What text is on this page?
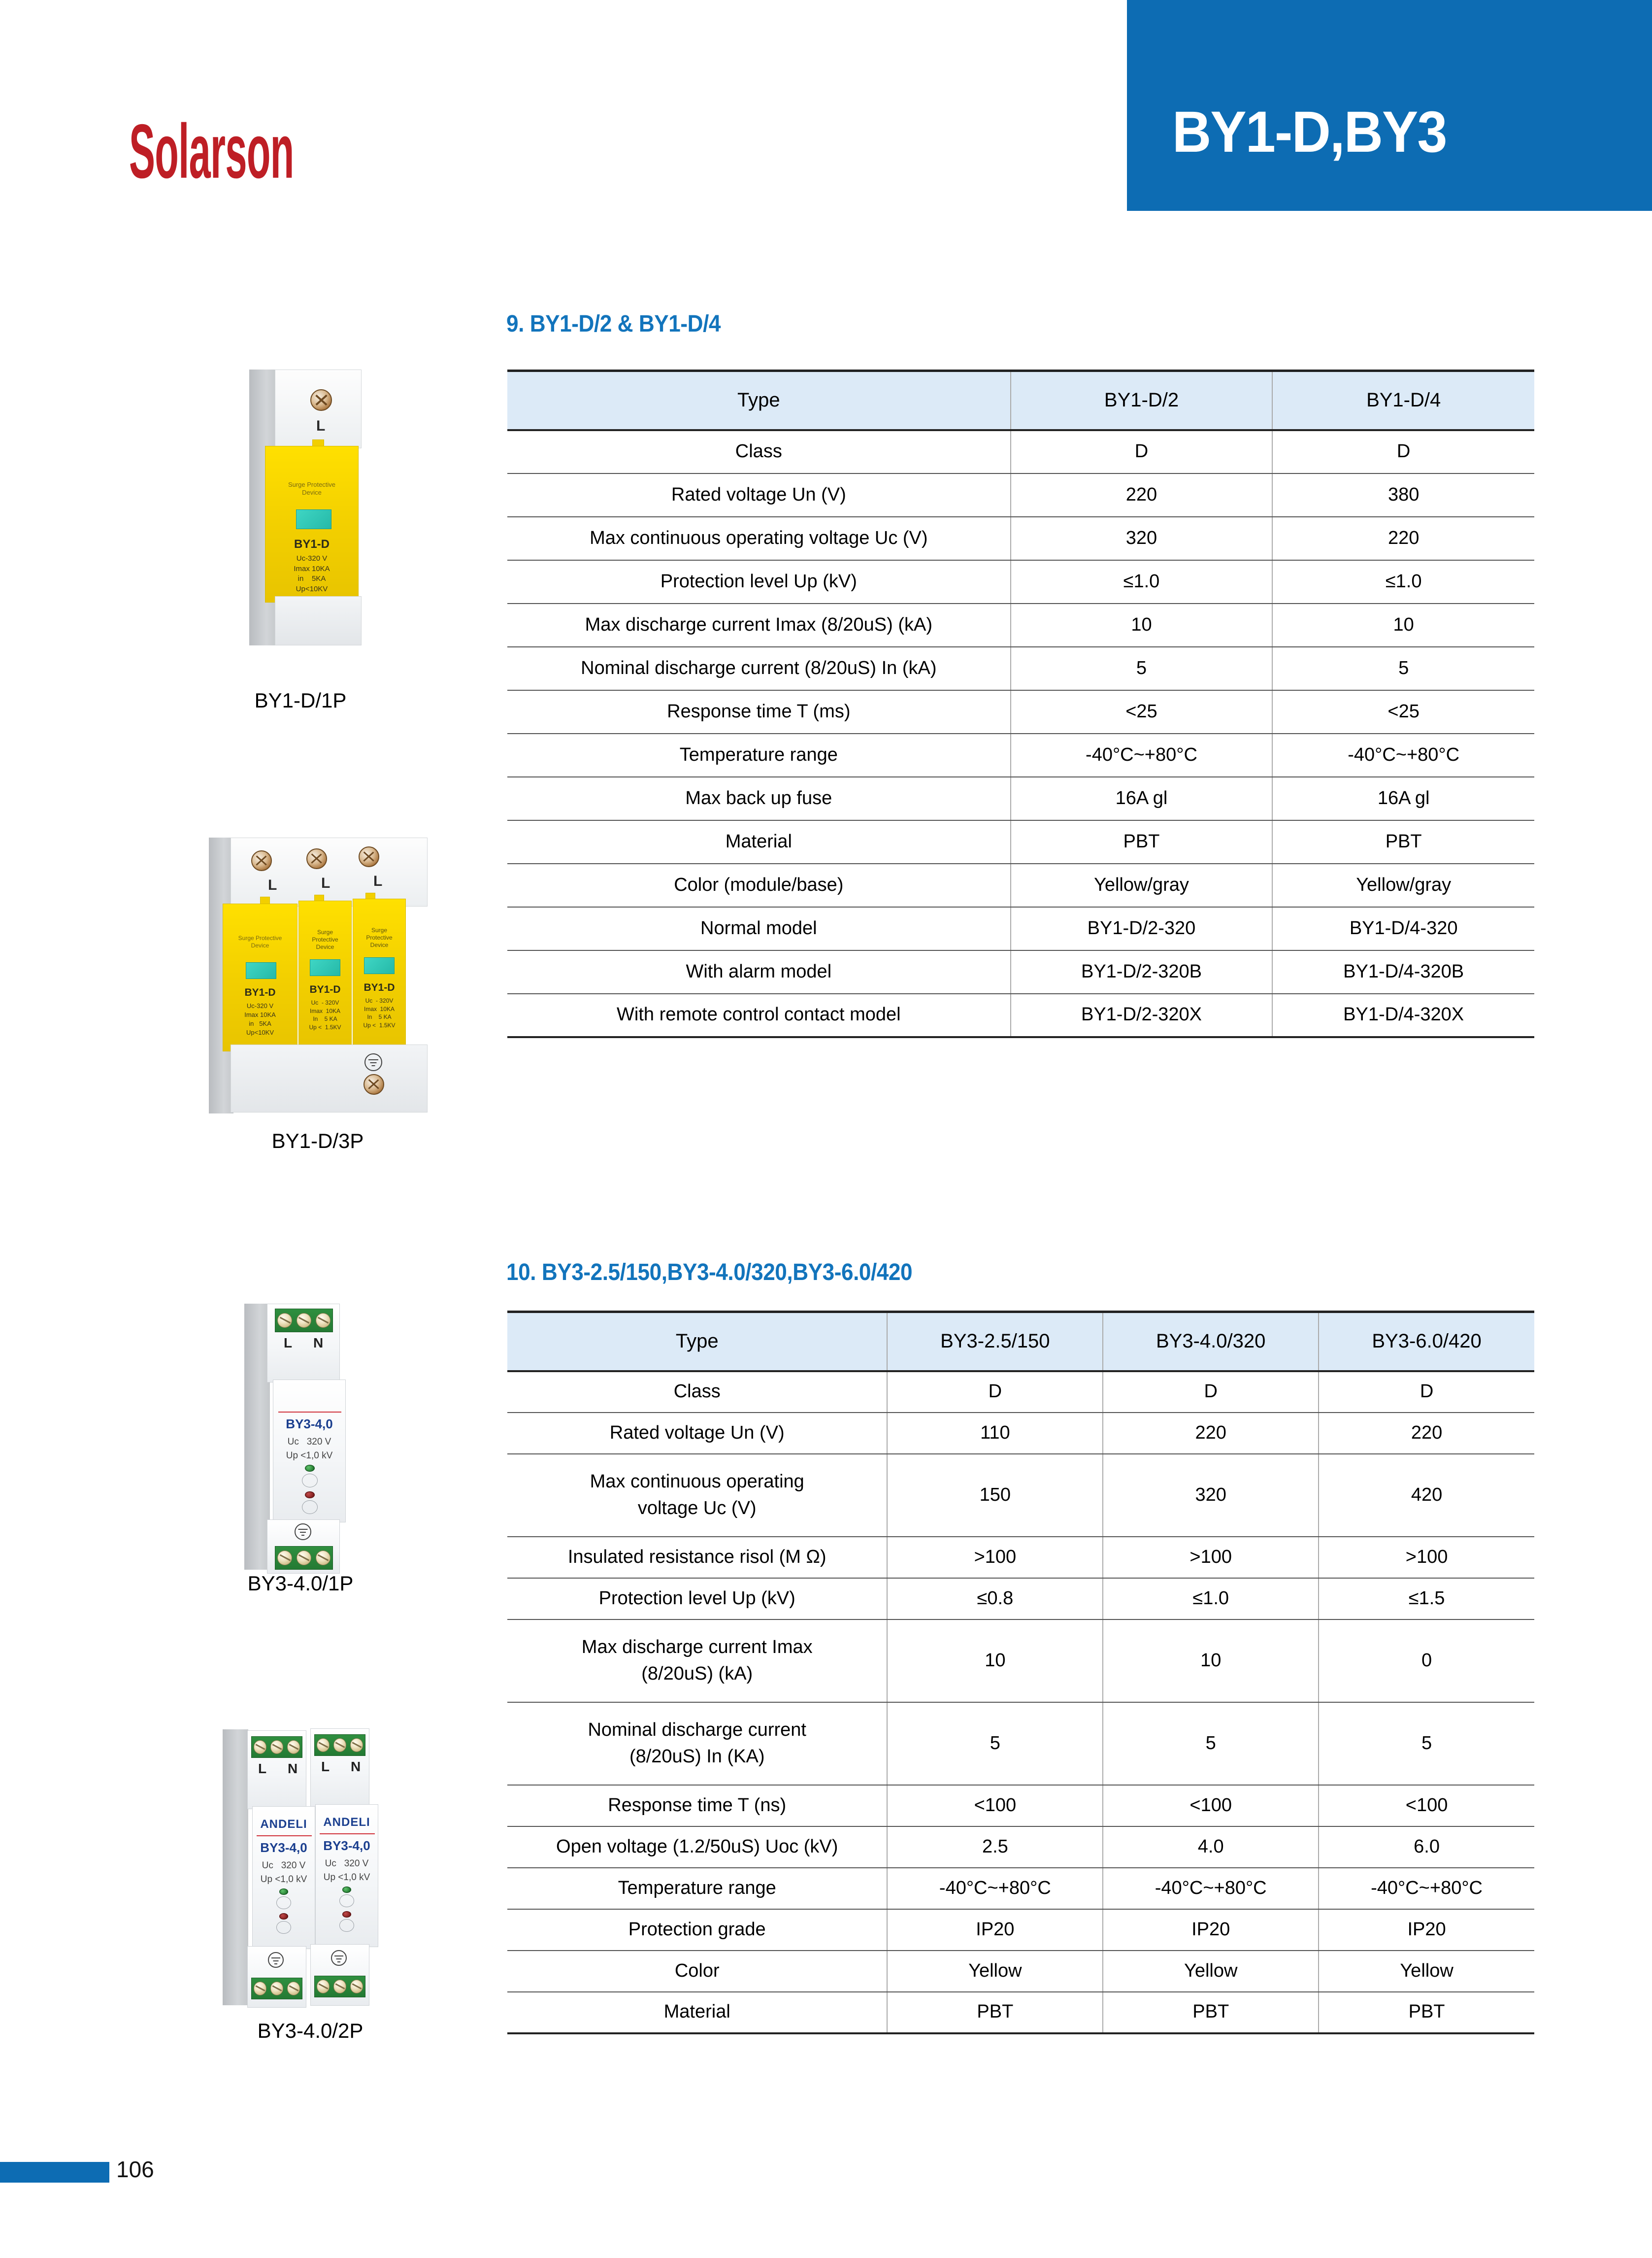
BY1-D,BY3
Solarson
9. BY1-D/2 & BY1-D/4
Type	BY1-D/2	BY1-D/4
Class	D	D
Rated voltage Un (V)	220	380
Max continuous operating voltage Uc (V)	320	220
Protection level Up (kV)	≤1.0	≤1.0
Max discharge current Imax (8/20uS) (kA)	10	10
Nominal discharge current (8/20uS) In (kA)	5	5
Response time T (ms)	<25	<25
Temperature range	-40°C~+80°C	-40°C~+80°C
Max back up fuse	16A gl	16A gl
Material	PBT	PBT
Color (module/base)	Yellow/gray	Yellow/gray
Normal model	BY1-D/2-320	BY1-D/4-320
With alarm model	BY1-D/2-320B	BY1-D/4-320B
With remote control contact model	BY1-D/2-320X	BY1-D/4-320X
10. BY3-2.5/150,BY3-4.0/320,BY3-6.0/420
Type	BY3-2.5/150	BY3-4.0/320	BY3-6.0/420
Class	D	D	D
Rated voltage Un (V)	110	220	220
Max continuous operating
voltage Uc (V)	150	320	420
Insulated resistance risol (M Ω)	>100	>100	>100
Protection level Up (kV)	≤0.8	≤1.0	≤1.5
Max discharge current Imax
(8/20uS) (kA)	10	10	0
Nominal discharge current
(8/20uS) In (KA)	5	5	5
Response time T (ns)	<100	<100	<100
Open voltage (1.2/50uS) Uoc (kV)	2.5	4.0	6.0
Temperature range	-40°C~+80°C	-40°C~+80°C	-40°C~+80°C
Protection grade	IP20	IP20	IP20
Color	Yellow	Yellow	Yellow
Material	PBT	PBT	PBT
L
Surge Protective
Device
BY1-D
Uc-320 V
Imax 10KA
in    5KA
Up<10KV
BY1-D/1P
L	L	L
Surge Protective
Device
BY1-D
Uc-320 V
Imax 10KA
in   5KA
Up<10KV
Surge
Protective
Device
BY1-D
Uc  - 320V
Imax  10KA
In    5 KA
Up <  1.5KV
Surge
Protective
Device
BY1-D
Uc  - 320V
Imax  10KA
In    5 KA
Up <  1.5KV
BY1-D/3P
L N
BY3-4,0
Uc   320 V
Up <1,0 kV
BY3-4.0/1P
L N L N
ANDELI
BY3-4,0
Uc   320 V
Up <1,0 kV
ANDELI
BY3-4,0
Uc   320 V
Up <1,0 kV
BY3-4.0/2P
106
